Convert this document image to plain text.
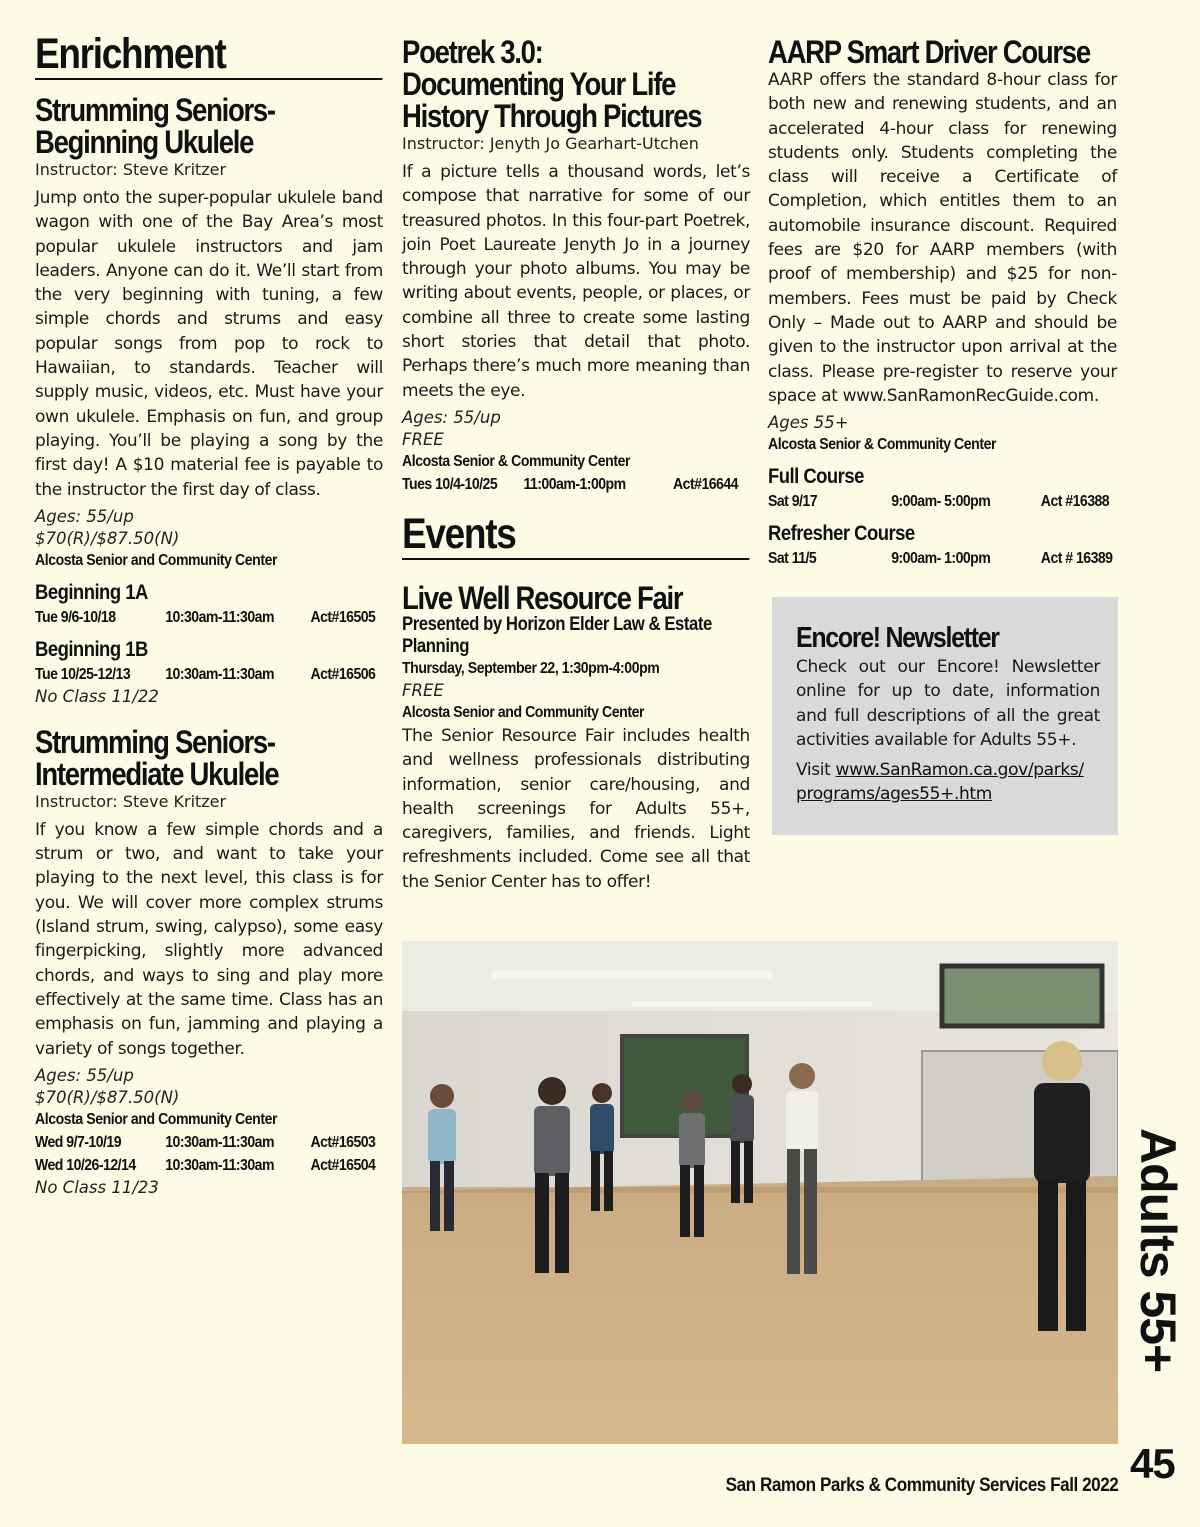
Enrichment
Strumming Seniors-
Beginning Ukulele
Instructor: Steve Kritzer

Jump onto the super-popular ukulele band wagon with one of the Bay Area’s most popular ukulele instructors and jam leaders. Anyone can do it. We’ll start from the very beginning with tuning, a few simple chords and strums and easy popular songs from pop to rock to Hawaiian, to standards. Teacher will supply music, videos, etc. Must have your own ukulele. Emphasis on fun, and group playing. You’ll be playing a song by the first day! A $10 material fee is payable to the instructor the first day of class.

Ages: 55/up
$70(R)/$87.50(N)
Alcosta Senior and Community Center
Beginning 1A
Tue 9/6-10/18	10:30am-11:30am	Act#16505
Beginning 1B
Tue 10/25-12/13	10:30am-11:30am	Act#16506
No Class 11/22
Strumming Seniors-
Intermediate Ukulele
Instructor: Steve Kritzer

If you know a few simple chords and a strum or two, and want to take your playing to the next level, this class is for you. We will cover more complex strums (Island strum, swing, calypso), some easy fingerpicking, slightly more advanced chords, and ways to sing and play more effectively at the same time. Class has an emphasis on fun, jamming and playing a variety of songs together.

Ages: 55/up
$70(R)/$87.50(N)
Alcosta Senior and Community Center
Wed 9/7-10/19	10:30am-11:30am	Act#16503
Wed 10/26-12/14	10:30am-11:30am	Act#16504
No Class 11/23
Poetrek 3.0:
Documenting Your Life
History Through Pictures
Instructor: Jenyth Jo Gearhart-Utchen

If a picture tells a thousand words, let’s compose that narrative for some of our treasured photos. In this four-part Poetrek, join Poet Laureate Jenyth Jo in a journey through your photo albums. You may be writing about events, people, or places, or combine all three to create some lasting short stories that detail that photo. Perhaps there’s much more meaning than meets the eye.

Ages: 55/up
FREE
Alcosta Senior & Community Center
Tues 10/4-10/25	11:00am-1:00pm	Act#16644
Events
Live Well Resource Fair
Presented by Horizon Elder Law & Estate
Planning
Thursday, September 22, 1:30pm-4:00pm
FREE
Alcosta Senior and Community Center

The Senior Resource Fair includes health and wellness professionals distributing information, senior care/housing, and health screenings for Adults 55+, caregivers, families, and friends. Light refreshments included. Come see all that the Senior Center has to offer!

AARP Smart Driver Course

AARP offers the standard 8-hour class for both new and renewing students, and an accelerated 4-hour class for renewing students only. Students completing the class will receive a Certificate of Completion, which entitles them to an automobile insurance discount. Required fees are $20 for AARP members (with proof of membership) and $25 for non-members. Fees must be paid by Check Only – Made out to AARP and should be given to the instructor upon arrival at the class. Please pre-register to reserve your space at www.SanRamonRecGuide.com.

Ages 55+
Alcosta Senior & Community Center
Full Course
Sat 9/17	9:00am- 5:00pm	Act #16388
Refresher Course
Sat 11/5	9:00am- 1:00pm	Act # 16389
Encore! Newsletter

Check out our Encore! Newsletter online for up to date, information and full descriptions of all the great activities available for Adults 55+.

Visit www.SanRamon.ca.gov/parks/
programs/ages55+.htm

Adults 55+
45
San Ramon Parks & Community Services Fall 2022
